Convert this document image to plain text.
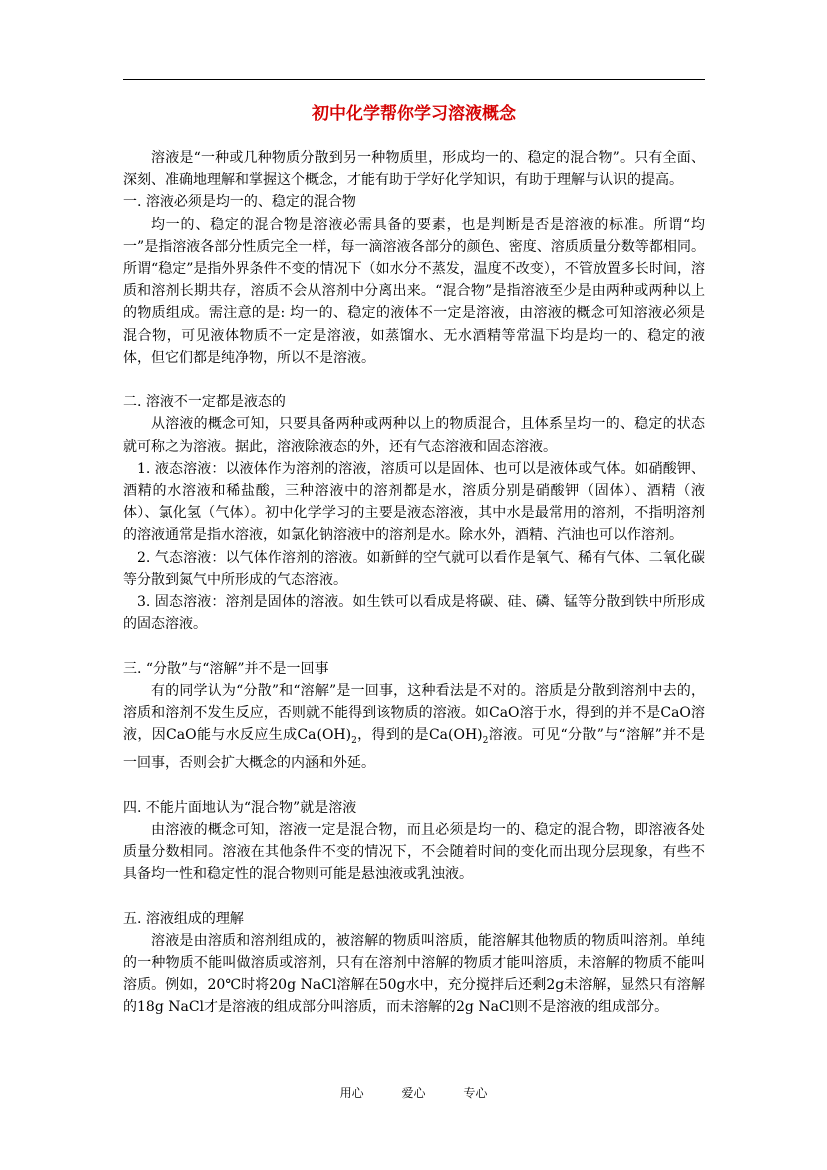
初中化学帮你学习溶液概念

溶液是“一种或几种物质分散到另一种物质里，形成均一的、稳定的混合物”。只有全面、深刻、准确地理解和掌握这个概念，才能有助于学好化学知识，有助于理解与认识的提高。

一. 溶液必须是均一的、稳定的混合物

均一的、稳定的混合物是溶液必需具备的要素，也是判断是否是溶液的标准。所谓“均一”是指溶液各部分性质完全一样，每一滴溶液各部分的颜色、密度、溶质质量分数等都相同。所谓“稳定”是指外界条件不变的情况下（如水分不蒸发，温度不改变），不管放置多长时间，溶质和溶剂长期共存，溶质不会从溶剂中分离出来。“混合物”是指溶液至少是由两种或两种以上的物质组成。需注意的是: 均一的、稳定的液体不一定是溶液，由溶液的概念可知溶液必须是混合物，可见液体物质不一定是溶液，如蒸馏水、无水酒精等常温下均是均一的、稳定的液体，但它们都是纯净物，所以不是溶液。

二. 溶液不一定都是液态的

从溶液的概念可知，只要具备两种或两种以上的物质混合，且体系呈均一的、稳定的状态就可称之为溶液。据此，溶液除液态的外，还有气态溶液和固态溶液。

1. 液态溶液：以液体作为溶剂的溶液，溶质可以是固体、也可以是液体或气体。如硝酸钾、酒精的水溶液和稀盐酸，三种溶液中的溶剂都是水，溶质分别是硝酸钾（固体）、酒精（液体）、氯化氢（气体）。初中化学学习的主要是液态溶液，其中水是最常用的溶剂，不指明溶剂的溶液通常是指水溶液，如氯化钠溶液中的溶剂是水。除水外，酒精、汽油也可以作溶剂。

2. 气态溶液：以气体作溶剂的溶液。如新鲜的空气就可以看作是氧气、稀有气体、二氧化碳等分散到氮气中所形成的气态溶液。

3. 固态溶液：溶剂是固体的溶液。如生铁可以看成是将碳、硅、磷、锰等分散到铁中所形成的固态溶液。

三. “分散”与“溶解”并不是一回事

有的同学认为“分散”和“溶解”是一回事，这种看法是不对的。溶质是分散到溶剂中去的，溶质和溶剂不发生反应，否则就不能得到该物质的溶液。如CaO溶于水，得到的并不是CaO溶液，因CaO能与水反应生成$Ca(OH)_2$，得到的是$Ca(OH)_2$溶液。可见“分散”与“溶解”并不是一回事，否则会扩大概念的内涵和外延。

四. 不能片面地认为“混合物”就是溶液

由溶液的概念可知，溶液一定是混合物，而且必须是均一的、稳定的混合物，即溶液各处质量分数相同。溶液在其他条件不变的情况下，不会随着时间的变化而出现分层现象，有些不具备均一性和稳定性的混合物则可能是悬浊液或乳浊液。

五. 溶液组成的理解

溶液是由溶质和溶剂组成的，被溶解的物质叫溶质，能溶解其他物质的物质叫溶剂。单纯的一种物质不能叫做溶质或溶剂，只有在溶剂中溶解的物质才能叫溶质，未溶解的物质不能叫溶质。例如，20℃时将20g NaCl溶解在50g水中，充分搅拌后还剩2g未溶解，显然只有溶解的18g NaCl才是溶液的组成部分叫溶质，而未溶解的2g NaCl则不是溶液的组成部分。

用心	爱心	专心
